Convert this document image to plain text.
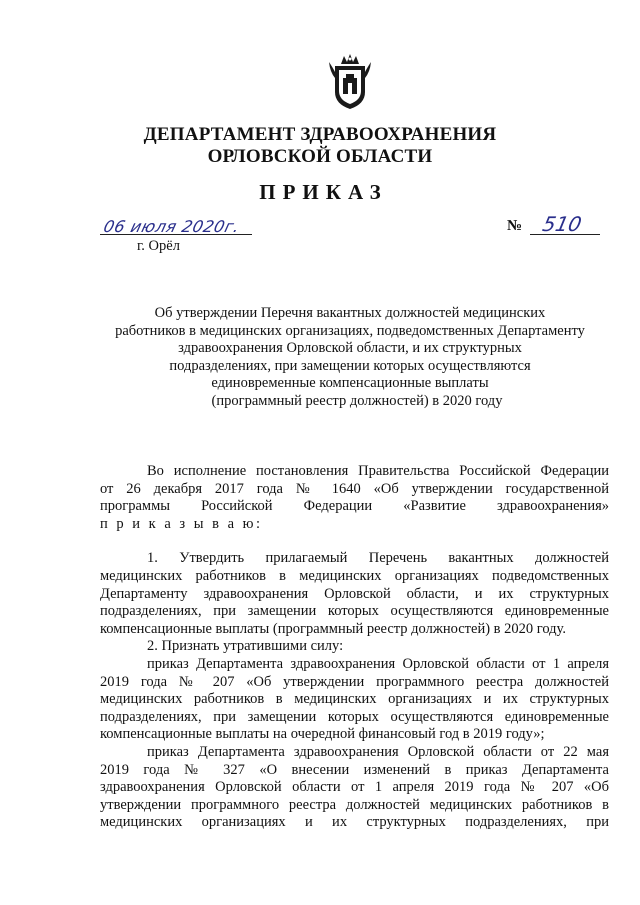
ДЕПАРТАМЕНТ ЗДРАВООХРАНЕНИЯ
ОРЛОВСКОЙ ОБЛАСТИ
ПРИКАЗ
06 июля 2020г.
г. Орёл
№ 510
Об утверждении Перечня вакантных должностей медицинских
работников в медицинских организациях, подведомственных Департаменту
здравоохранения Орловской области, и их структурных
подразделениях, при замещении которых осуществляются
единовременные компенсационные выплаты
(программный реестр должностей) в 2020 году
Во исполнение постановления Правительства Российской Федерации
от 26 декабря 2017 года № 1640 «Об утверждении государственной
программы Российской Федерации «Развитие здравоохранения»
п р и к а з ы в а ю:
1. Утвердить прилагаемый Перечень вакантных должностей
медицинских работников в медицинских организациях подведомственных
Департаменту здравоохранения Орловской области, и их структурных
подразделениях, при замещении которых осуществляются единовременные
компенсационные выплаты (программный реестр должностей) в 2020 году.
2. Признать утратившими силу:
приказ Департамента здравоохранения Орловской области от 1 апреля
2019 года № 207 «Об утверждении программного реестра должностей
медицинских работников в медицинских организациях и их структурных
подразделениях, при замещении которых осуществляются единовременные
компенсационные выплаты на очередной финансовый год в 2019 году»;
приказ Департамента здравоохранения Орловской области от 22 мая
2019 года № 327 «О внесении изменений в приказ Департамента
здравоохранения Орловской области от 1 апреля 2019 года № 207 «Об
утверждении программного реестра должностей медицинских работников в
медицинских организациях и их структурных подразделениях, при
